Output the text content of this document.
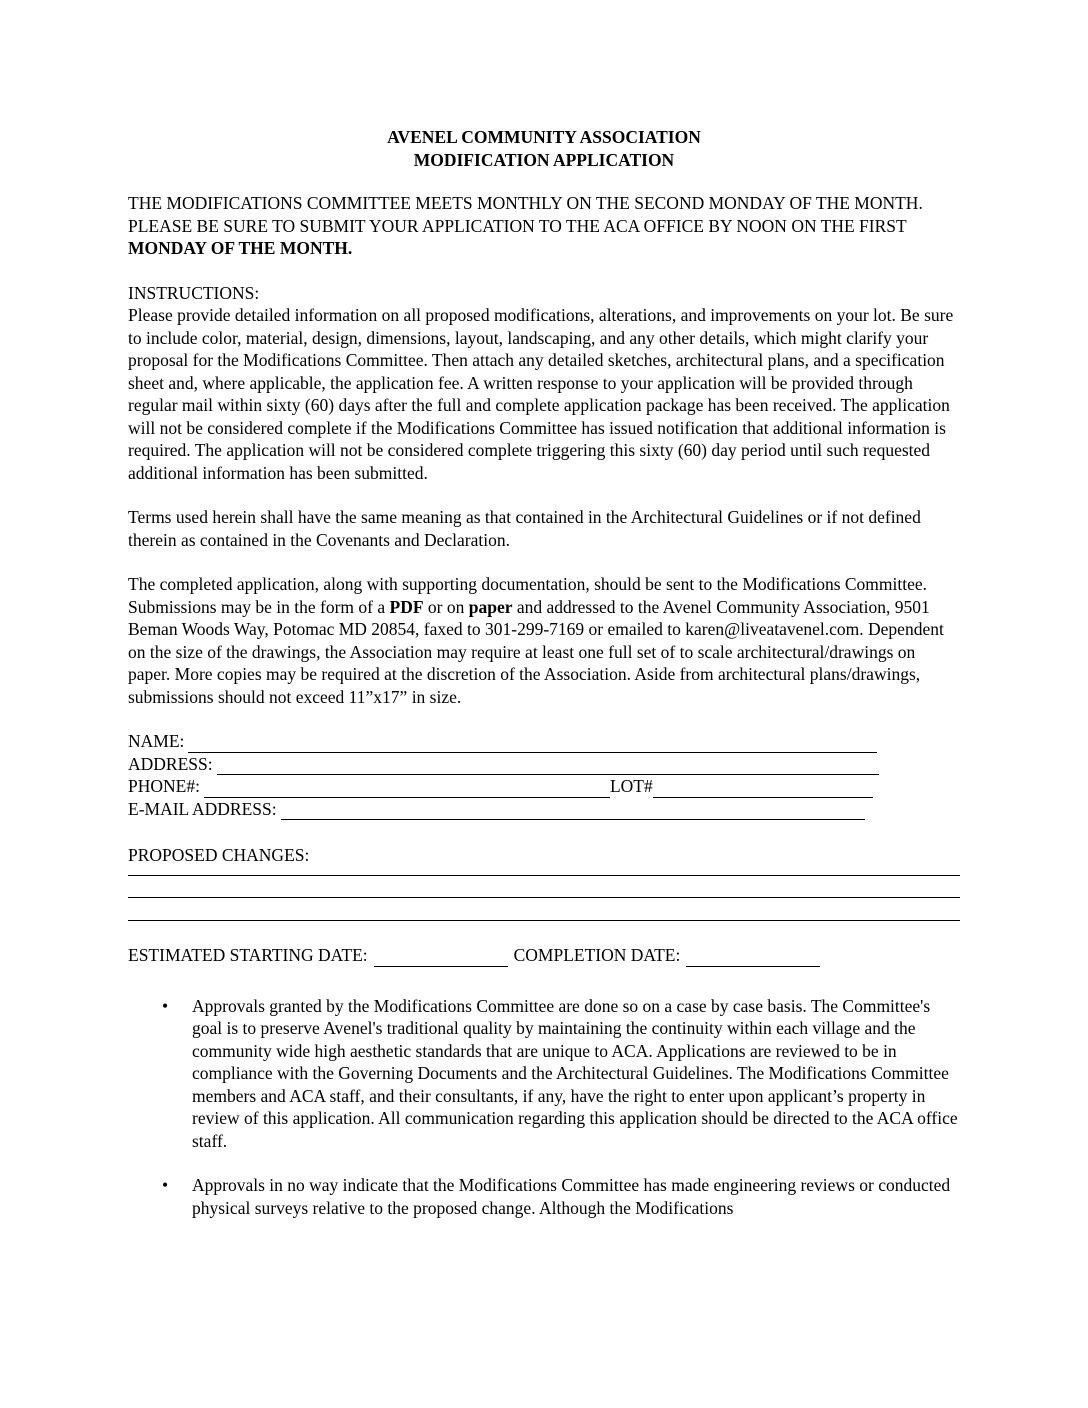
AVENEL COMMUNITY ASSOCIATION

MODIFICATION APPLICATION

THE MODIFICATIONS COMMITTEE MEETS MONTHLY ON THE SECOND MONDAY OF THE MONTH. PLEASE BE SURE TO SUBMIT YOUR APPLICATION TO THE ACA OFFICE BY NOON ON THE FIRST MONDAY OF THE MONTH.

INSTRUCTIONS:

Please provide detailed information on all proposed modifications, alterations, and improvements on your lot. Be sure to include color, material, design, dimensions, layout, landscaping, and any other details, which might clarify your proposal for the Modifications Committee. Then attach any detailed sketches, architectural plans, and a specification sheet and, where applicable, the application fee. A written response to your application will be provided through regular mail within sixty (60) days after the full and complete application package has been received. The application will not be considered complete if the Modifications Committee has issued notification that additional information is required. The application will not be considered complete triggering this sixty (60) day period until such requested additional information has been submitted.

Terms used herein shall have the same meaning as that contained in the Architectural Guidelines or if not defined therein as contained in the Covenants and Declaration.

The completed application, along with supporting documentation, should be sent to the Modifications Committee. Submissions may be in the form of a PDF or on paper and addressed to the Avenel Community Association, 9501 Beman Woods Way, Potomac MD 20854, faxed to 301-299-7169 or emailed to karen@liveatavenel.com. Dependent on the size of the drawings, the Association may require at least one full set of to scale architectural/drawings on paper. More copies may be required at the discretion of the Association. Aside from architectural plans/drawings, submissions should not exceed 11”x17” in size.

NAME:
ADDRESS:
PHONE#:	LOT#
E-MAIL ADDRESS:

PROPOSED CHANGES:

ESTIMATED STARTING DATE:	COMPLETION DATE:
• Approvals granted by the Modifications Committee are done so on a case by case basis. The Committee's goal is to preserve Avenel's traditional quality by maintaining the continuity within each village and the community wide high aesthetic standards that are unique to ACA. Applications are reviewed to be in compliance with the Governing Documents and the Architectural Guidelines. The Modifications Committee members and ACA staff, and their consultants, if any, have the right to enter upon applicant’s property in review of this application. All communication regarding this application should be directed to the ACA office staff.
• Approvals in no way indicate that the Modifications Committee has made engineering reviews or conducted physical surveys relative to the proposed change. Although the Modifications
